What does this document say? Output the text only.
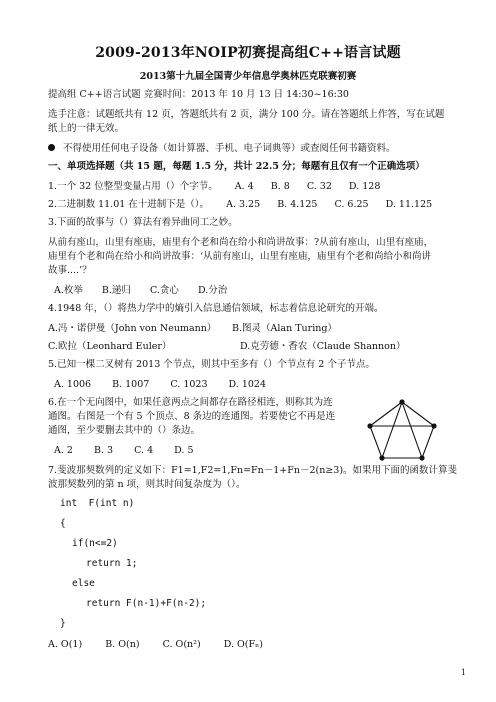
2009-2013年NOIP初赛提高组C++语言试题
2013第十九届全国青少年信息学奥林匹克联赛初赛
提高组 C++语言试题 竞赛时间：2013 年 10 月 13 日 14:30~16:30
选手注意：试题纸共有 12 页，答题纸共有 2 页，满分 100 分。请在答题纸上作答，写在试题
纸上的一律无效。
不得使用任何电子设备（如计算器、手机、电子词典等）或查阅任何书籍资料。
一、单项选择题（共 15 题，每题 1.5 分，共计 22.5 分；每题有且仅有一个正确选项）
1.一个 32 位整型变量占用（）个字节。 A. 4 B. 8 C. 32 D. 128
2.二进制数 11.01 在十进制下是（）。 A. 3.25 B. 4.125 C. 6.25 D. 11.125
3.下面的故事与（）算法有着异曲同工之妙。
从前有座山，山里有座庙，庙里有个老和尚在给小和尚讲故事：?从前有座山，山里有座庙，
庙里有个老和尚在给小和尚讲故事：‘从前有座山，山里有座庙，庙里有个老和尚给小和尚讲
故事....’？
A.枚举 B.递归 C.贪心 D.分治
4.1948 年，（）将热力学中的熵引入信息通信领域，标志着信息论研究的开端。
A.冯・诺伊曼（John von Neumann） B.图灵（Alan Turing）
C.欧拉（Leonhard Euler）	D.克劳德・香农（Claude Shannon）
5.已知一棵二叉树有 2013 个节点，则其中至多有（）个节点有 2 个子节点。
A. 1006 B. 1007 C. 1023 D. 1024
6.在一个无向图中，如果任意两点之间都存在路径相连，则称其为连
通图。右图是一个有 5 个顶点、8 条边的连通图。若要使它不再是连
通图，至少要删去其中的（）条边。
A. 2 B. 3 C. 4 D. 5
7.斐波那契数列的定义如下：F1=1,F2=1,Fn=Fn－1+Fn－2(n≥3)。如果用下面的函数计算斐
波那契数列的第 n 项，则其时间复杂度为（）。
int  F(int n)
{
if(n<=2)
return 1;
else
return F(n-1)+F(n-2);
}
A. O(1) B. O(n) C. O(n²) D. O(Fₙ)
1
